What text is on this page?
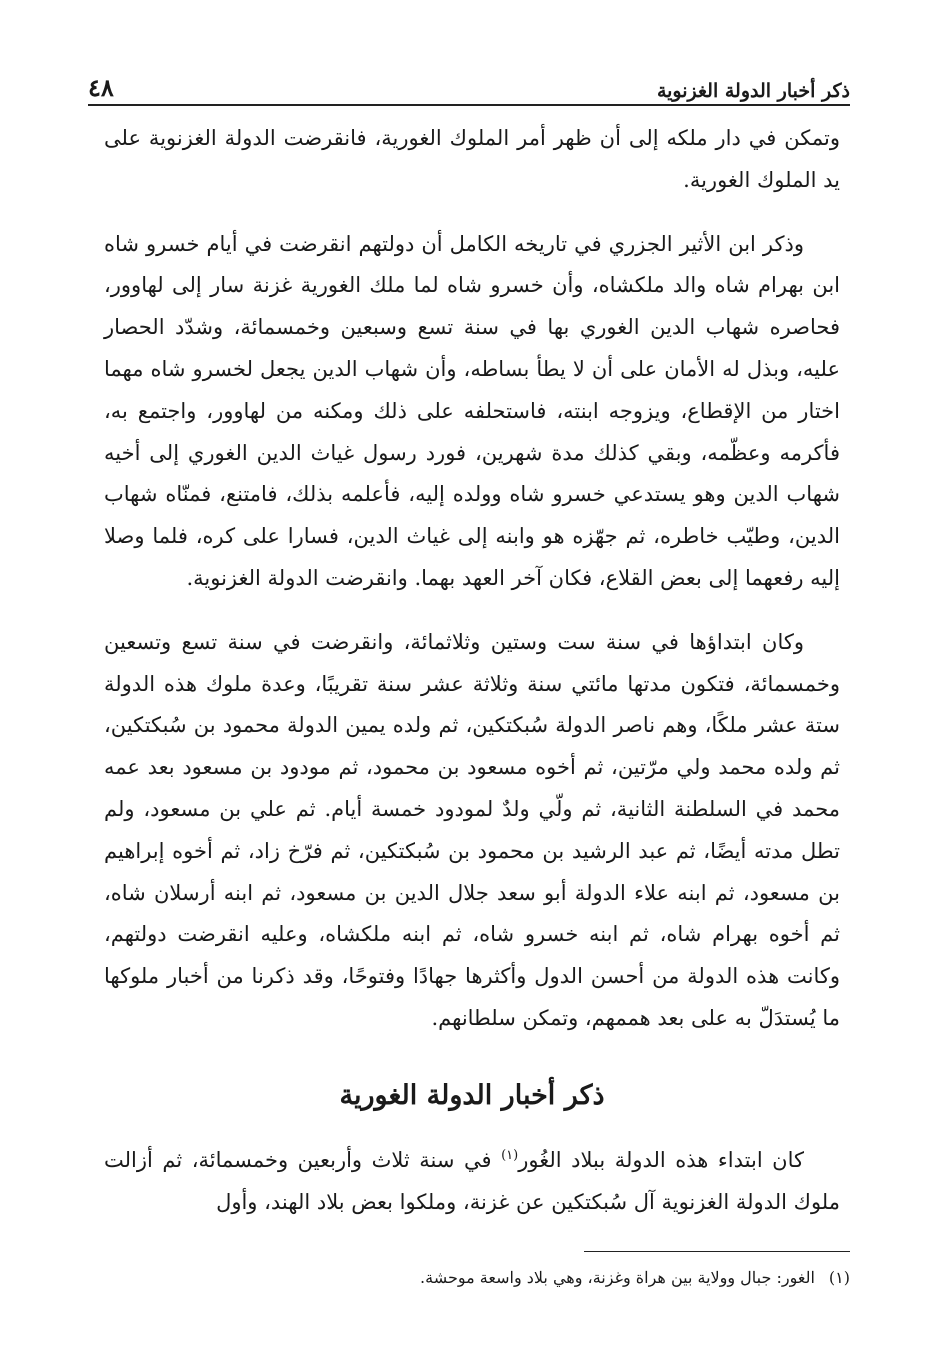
ذكر أخبار الدولة الغزنوية
٤٨

وتمكن في دار ملكه إلى أن ظهر أمر الملوك الغورية، فانقرضت الدولة الغزنوية على يد الملوك الغورية.

وذكر ابن الأثير الجزري في تاريخه الكامل أن دولتهم انقرضت في أيام خسرو شاه ابن بهرام شاه والد ملكشاه، وأن خسرو شاه لما ملك الغورية غزنة سار إلى لهاوور، فحاصره شهاب الدين الغوري بها في سنة تسع وسبعين وخمسمائة، وشدّد الحصار عليه، وبذل له الأمان على أن لا يطأ بساطه، وأن شهاب الدين يجعل لخسرو شاه مهما اختار من الإقطاع، ويزوجه ابنته، فاستحلفه على ذلك ومكنه من لهاوور، واجتمع به، فأكرمه وعظّمه، وبقي كذلك مدة شهرين، فورد رسول غياث الدين الغوري إلى أخيه شهاب الدين وهو يستدعي خسرو شاه وولده إليه، فأعلمه بذلك، فامتنع، فمنّاه شهاب الدين، وطيّب خاطره، ثم جهّزه هو وابنه إلى غياث الدين، فسارا على كره، فلما وصلا إليه رفعهما إلى بعض القلاع، فكان آخر العهد بهما. وانقرضت الدولة الغزنوية.

وكان ابتداؤها في سنة ست وستين وثلاثمائة، وانقرضت في سنة تسع وتسعين وخمسمائة، فتكون مدتها مائتي سنة وثلاثة عشر سنة تقريبًا، وعدة ملوك هذه الدولة ستة عشر ملكًا، وهم ناصر الدولة سُبكتكين، ثم ولده يمين الدولة محمود بن سُبكتكين، ثم ولده محمد ولي مرّتين، ثم أخوه مسعود بن محمود، ثم مودود بن مسعود بعد عمه محمد في السلطنة الثانية، ثم ولّي ولدٌ لمودود خمسة أيام. ثم علي بن مسعود، ولم تطل مدته أيضًا، ثم عبد الرشيد بن محمود بن سُبكتكين، ثم فرّخ زاد، ثم أخوه إبراهيم بن مسعود، ثم ابنه علاء الدولة أبو سعد جلال الدين بن مسعود، ثم ابنه أرسلان شاه، ثم أخوه بهرام شاه، ثم ابنه خسرو شاه، ثم ابنه ملكشاه، وعليه انقرضت دولتهم، وكانت هذه الدولة من أحسن الدول وأكثرها جهادًا وفتوحًا، وقد ذكرنا من أخبار ملوكها ما يُستدَلّ به على بعد هممهم، وتمكن سلطانهم.

ذكر أخبار الدولة الغورية

كان ابتداء هذه الدولة ببلاد الغُور$^{(١)}$ في سنة ثلاث وأربعين وخمسمائة، ثم أزالت ملوك الدولة الغزنوية آل سُبكتكين عن غزنة، وملكوا بعض بلاد الهند، وأول

(١)الغور: جبال وولاية بين هراة وغزنة، وهي بلاد واسعة موحشة.
